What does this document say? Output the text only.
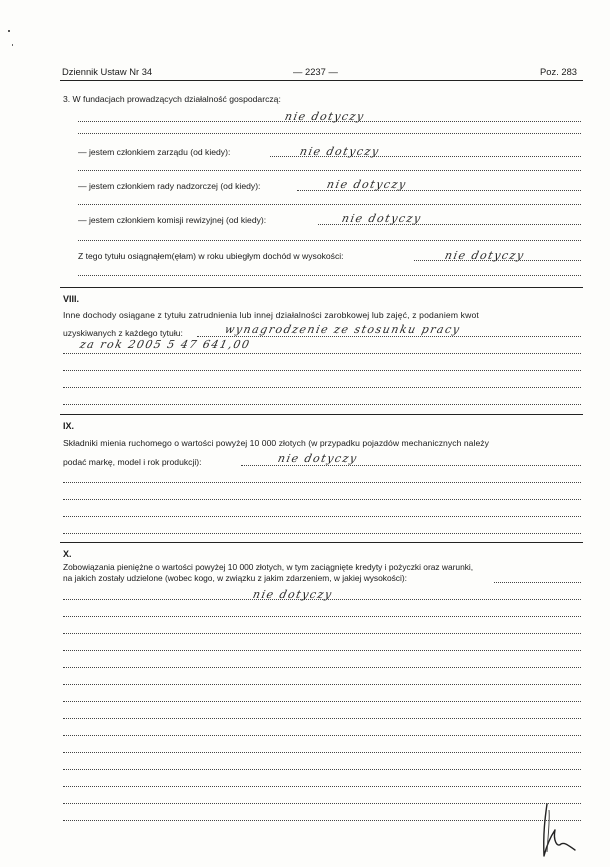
Dziennik Ustaw Nr 34	— 2237 —	Poz. 283
3. W fundacjach prowadzących działalność gospodarczą:
nie dotyczy
— jestem członkiem zarządu (od kiedy):	nie dotyczy
— jestem członkiem rady nadzorczej (od kiedy):	nie dotyczy
— jestem członkiem komisji rewizyjnej (od kiedy):	nie dotyczy
Z tego tytułu osiągnąłem(ęłam) w roku ubiegłym dochód w wysokości:	nie dotyczy
VIII.
Inne dochody osiągane z tytułu zatrudnienia lub innej działalności zarobkowej lub zajęć, z podaniem kwot
uzyskiwanych z każdego tytułu:	wynagrodzenie ze stosunku pracy
za rok 2005 5 47 641,00
IX.
Składniki mienia ruchomego o wartości powyżej 10 000 złotych (w przypadku pojazdów mechanicznych należy
podać markę, model i rok produkcji):	nie dotyczy
X.
Zobowiązania pieniężne o wartości powyżej 10 000 złotych, w tym zaciągnięte kredyty i pożyczki oraz warunki,
na jakich zostały udzielone (wobec kogo, w związku z jakim zdarzeniem, w jakiej wysokości):
nie dotyczy
